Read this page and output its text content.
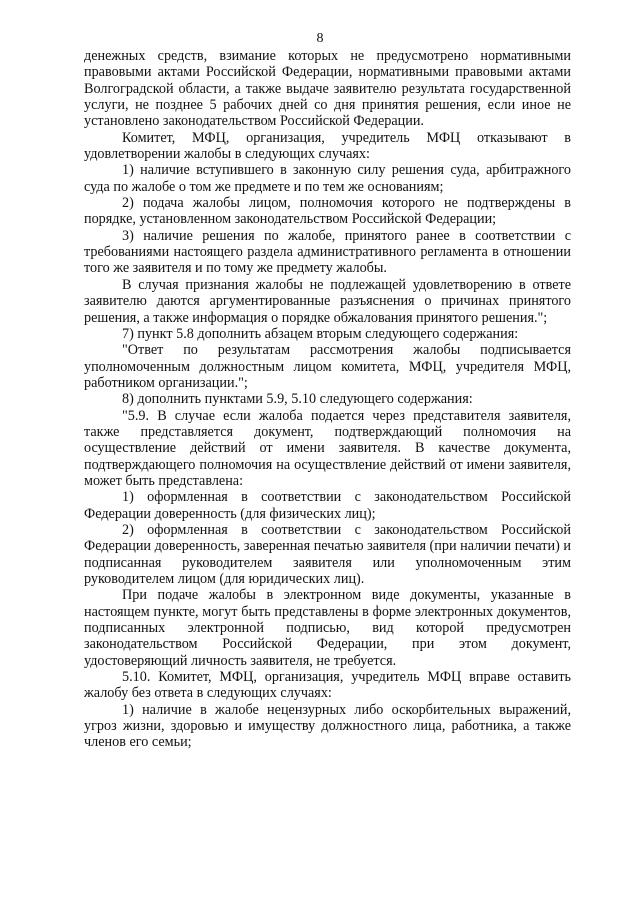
8

денежных средств, взимание которых не предусмотрено нормативными правовыми актами Российской Федерации, нормативными правовыми актами Волгоградской области, а также выдаче заявителю результата государственной услуги, не позднее 5 рабочих дней со дня принятия решения, если иное не установлено законодательством Российской Федерации.

Комитет, МФЦ, организация, учредитель МФЦ отказывают в удовлетворении жалобы в следующих случаях:

1) наличие вступившего в законную силу решения суда, арбитражного суда по жалобе о том же предмете и по тем же основаниям;

2) подача жалобы лицом, полномочия которого не подтверждены в порядке, установленном законодательством Российской Федерации;

3) наличие решения по жалобе, принятого ранее в соответствии с требованиями настоящего раздела административного регламента в отношении того же заявителя и по тому же предмету жалобы.

В случая признания жалобы не подлежащей удовлетворению в ответе заявителю даются аргументированные разъяснения о причинах принятого решения, а также информация о порядке обжалования принятого решения.";

7) пункт 5.8 дополнить абзацем вторым следующего содержания:

"Ответ по результатам рассмотрения жалобы подписывается уполномоченным должностным лицом комитета, МФЦ, учредителя МФЦ, работником организации.";

8) дополнить пунктами 5.9, 5.10 следующего содержания:

"5.9. В случае если жалоба подается через представителя заявителя, также представляется документ, подтверждающий полномочия на осуществление действий от имени заявителя. В качестве документа, подтверждающего полномочия на осуществление действий от имени заявителя, может быть представлена:

1) оформленная в соответствии с законодательством Российской Федерации доверенность (для физических лиц);

2) оформленная в соответствии с законодательством Российской Федерации доверенность, заверенная печатью заявителя (при наличии печати) и подписанная руководителем заявителя или уполномоченным этим руководителем лицом (для юридических лиц).

При подаче жалобы в электронном виде документы, указанные в настоящем пункте, могут быть представлены в форме электронных документов, подписанных электронной подписью, вид которой предусмотрен законодательством Российской Федерации, при этом документ, удостоверяющий личность заявителя, не требуется.

5.10. Комитет, МФЦ, организация, учредитель МФЦ вправе оставить жалобу без ответа в следующих случаях:

1) наличие в жалобе нецензурных либо оскорбительных выражений, угроз жизни, здоровью и имуществу должностного лица, работника, а также членов его семьи;
